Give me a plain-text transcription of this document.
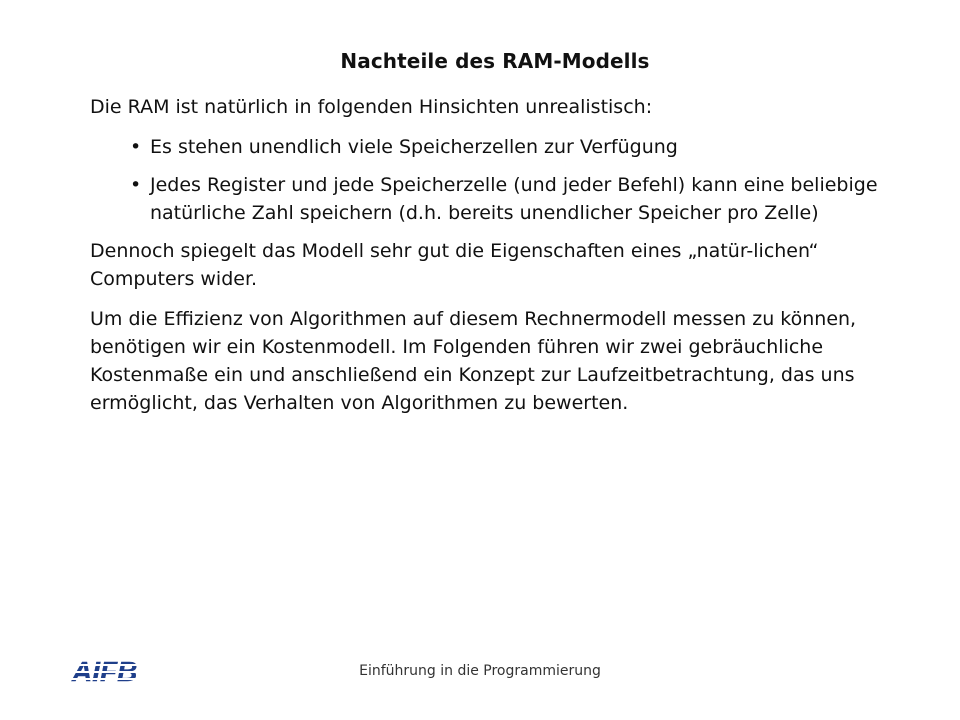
Nachteile des RAM-Modells

Die RAM ist natürlich in folgenden Hinsichten unrealistisch:

• Es stehen unendlich viele Speicherzellen zur Verfügung
• Jedes Register und jede Speicherzelle (und jeder Befehl) kann eine beliebige natürliche Zahl speichern (d.h. bereits unendlicher Speicher pro Zelle)

Dennoch spiegelt das Modell sehr gut die Eigenschaften eines „natür-lichen“ Computers wider.

Um die Effizienz von Algorithmen auf diesem Rechnermodell messen zu können, benötigen wir ein Kostenmodell. Im Folgenden führen wir zwei gebräuchliche Kostenmaße ein und anschließend ein Konzept zur Laufzeitbetrachtung, das uns ermöglicht, das Verhalten von Algorithmen zu bewerten.

AIFB	Einführung in die Programmierung
